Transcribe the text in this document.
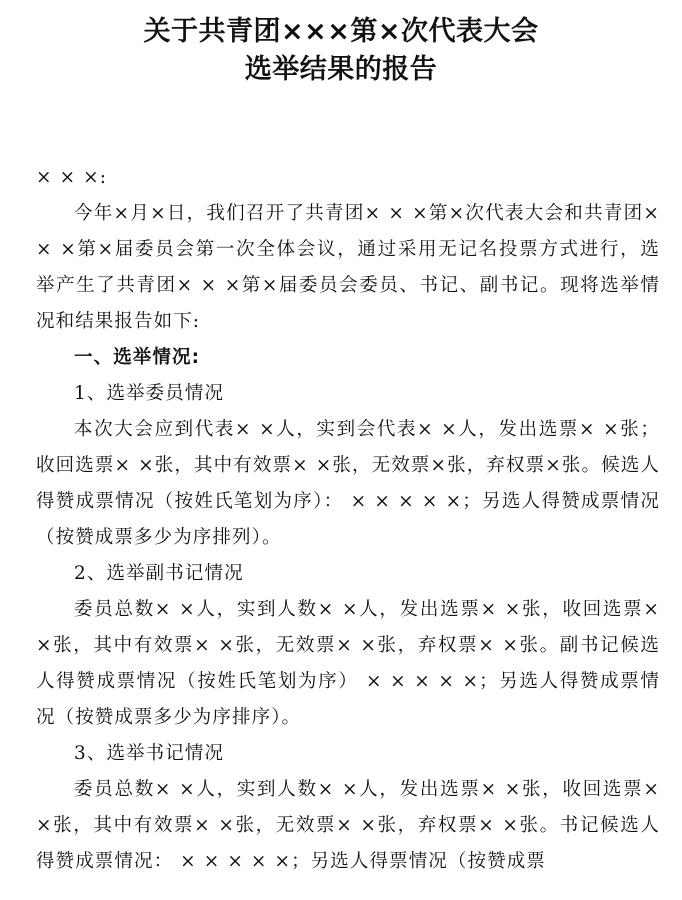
关于共青团×××第×次代表大会
选举结果的报告

× × ×:

今年×月×日，我们召开了共青团× × ×第×次代表大会和共青团× × ×第×届委员会第一次全体会议，通过采用无记名投票方式进行，选举产生了共青团× × ×第×届委员会委员、书记、副书记。现将选举情况和结果报告如下:

一、选举情况:

1、选举委员情况

本次大会应到代表× ×人，实到会代表× ×人，发出选票× ×张；收回选票× ×张，其中有效票× ×张，无效票×张，弃权票×张。候选人得赞成票情况（按姓氏笔划为序）： × × × × ×；另选人得赞成票情况（按赞成票多少为序排列）。

2、选举副书记情况

委员总数× ×人，实到人数× ×人，发出选票× ×张，收回选票× ×张，其中有效票× ×张，无效票× ×张，弃权票× ×张。副书记候选人得赞成票情况（按姓氏笔划为序） × × × × ×；另选人得赞成票情况（按赞成票多少为序排序）。

3、选举书记情况

委员总数× ×人，实到人数× ×人，发出选票× ×张，收回选票× ×张，其中有效票× ×张，无效票× ×张，弃权票× ×张。书记候选人得赞成票情况： × × × × ×；另选人得票情况（按赞成票
